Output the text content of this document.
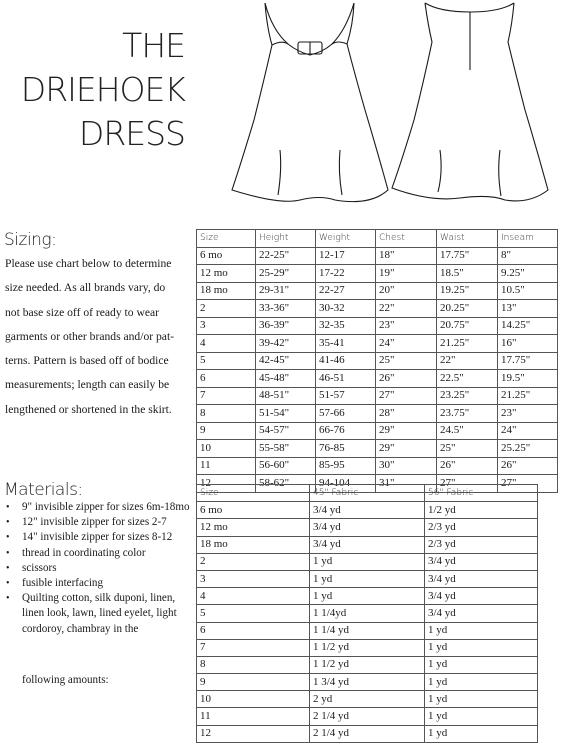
THE
DRIEHOEK
DRESS
Sizing:
Please use chart below to determine
size needed. As all brands vary, do
not base size off of ready to wear
garments or other brands and/or pat-
terns. Pattern is based off of bodice
measurements; length can easily be
lengthened or shortened in the skirt.
Size	Height	Weight	Chest	Waist	Inseam
6 mo	22-25"	12-17	18"	17.75"	8"
12 mo	25-29"	17-22	19"	18.5"	9.25"
18 mo	29-31"	22-27	20"	19.25"	10.5"
2	33-36"	30-32	22"	20.25"	13"
3	36-39"	32-35	23"	20.75"	14.25"
4	39-42"	35-41	24"	21.25"	16"
5	42-45"	41-46	25"	22"	17.75"
6	45-48"	46-51	26"	22.5"	19.5"
7	48-51"	51-57	27"	23.25"	21.25"
8	51-54"	57-66	28"	23.75"	23"
9	54-57"	66-76	29"	24.5"	24"
10	55-58"	76-85	29"	25"	25.25"
11	56-60"	85-95	30"	26"	26"
12	58-62"	94-104	31"	27"	27"
Materials:
• 9" invisible zipper for sizes 6m-18mo
• 12" invisible zipper for sizes 2-7
• 14" invisible zipper for sizes 8-12
• thread in coordinating color
• scissors
• fusible interfacing
• Quilting cotton, silk duponi, linen, linen look, lawn, lined eyelet, light cordoroy, chambray in the
following amounts:
Size	45" Fabric	56" Fabric
6 mo	3/4 yd	1/2 yd
12 mo	3/4 yd	2/3 yd
18 mo	3/4 yd	2/3 yd
2	1 yd	3/4 yd
3	1 yd	3/4 yd
4	1 yd	3/4 yd
5	1 1/4yd	3/4 yd
6	1 1/4 yd	1 yd
7	1 1/2 yd	1 yd
8	1 1/2 yd	1 yd
9	1 3/4 yd	1 yd
10	2 yd	1 yd
11	2 1/4 yd	1 yd
12	2 1/4 yd	1 yd
